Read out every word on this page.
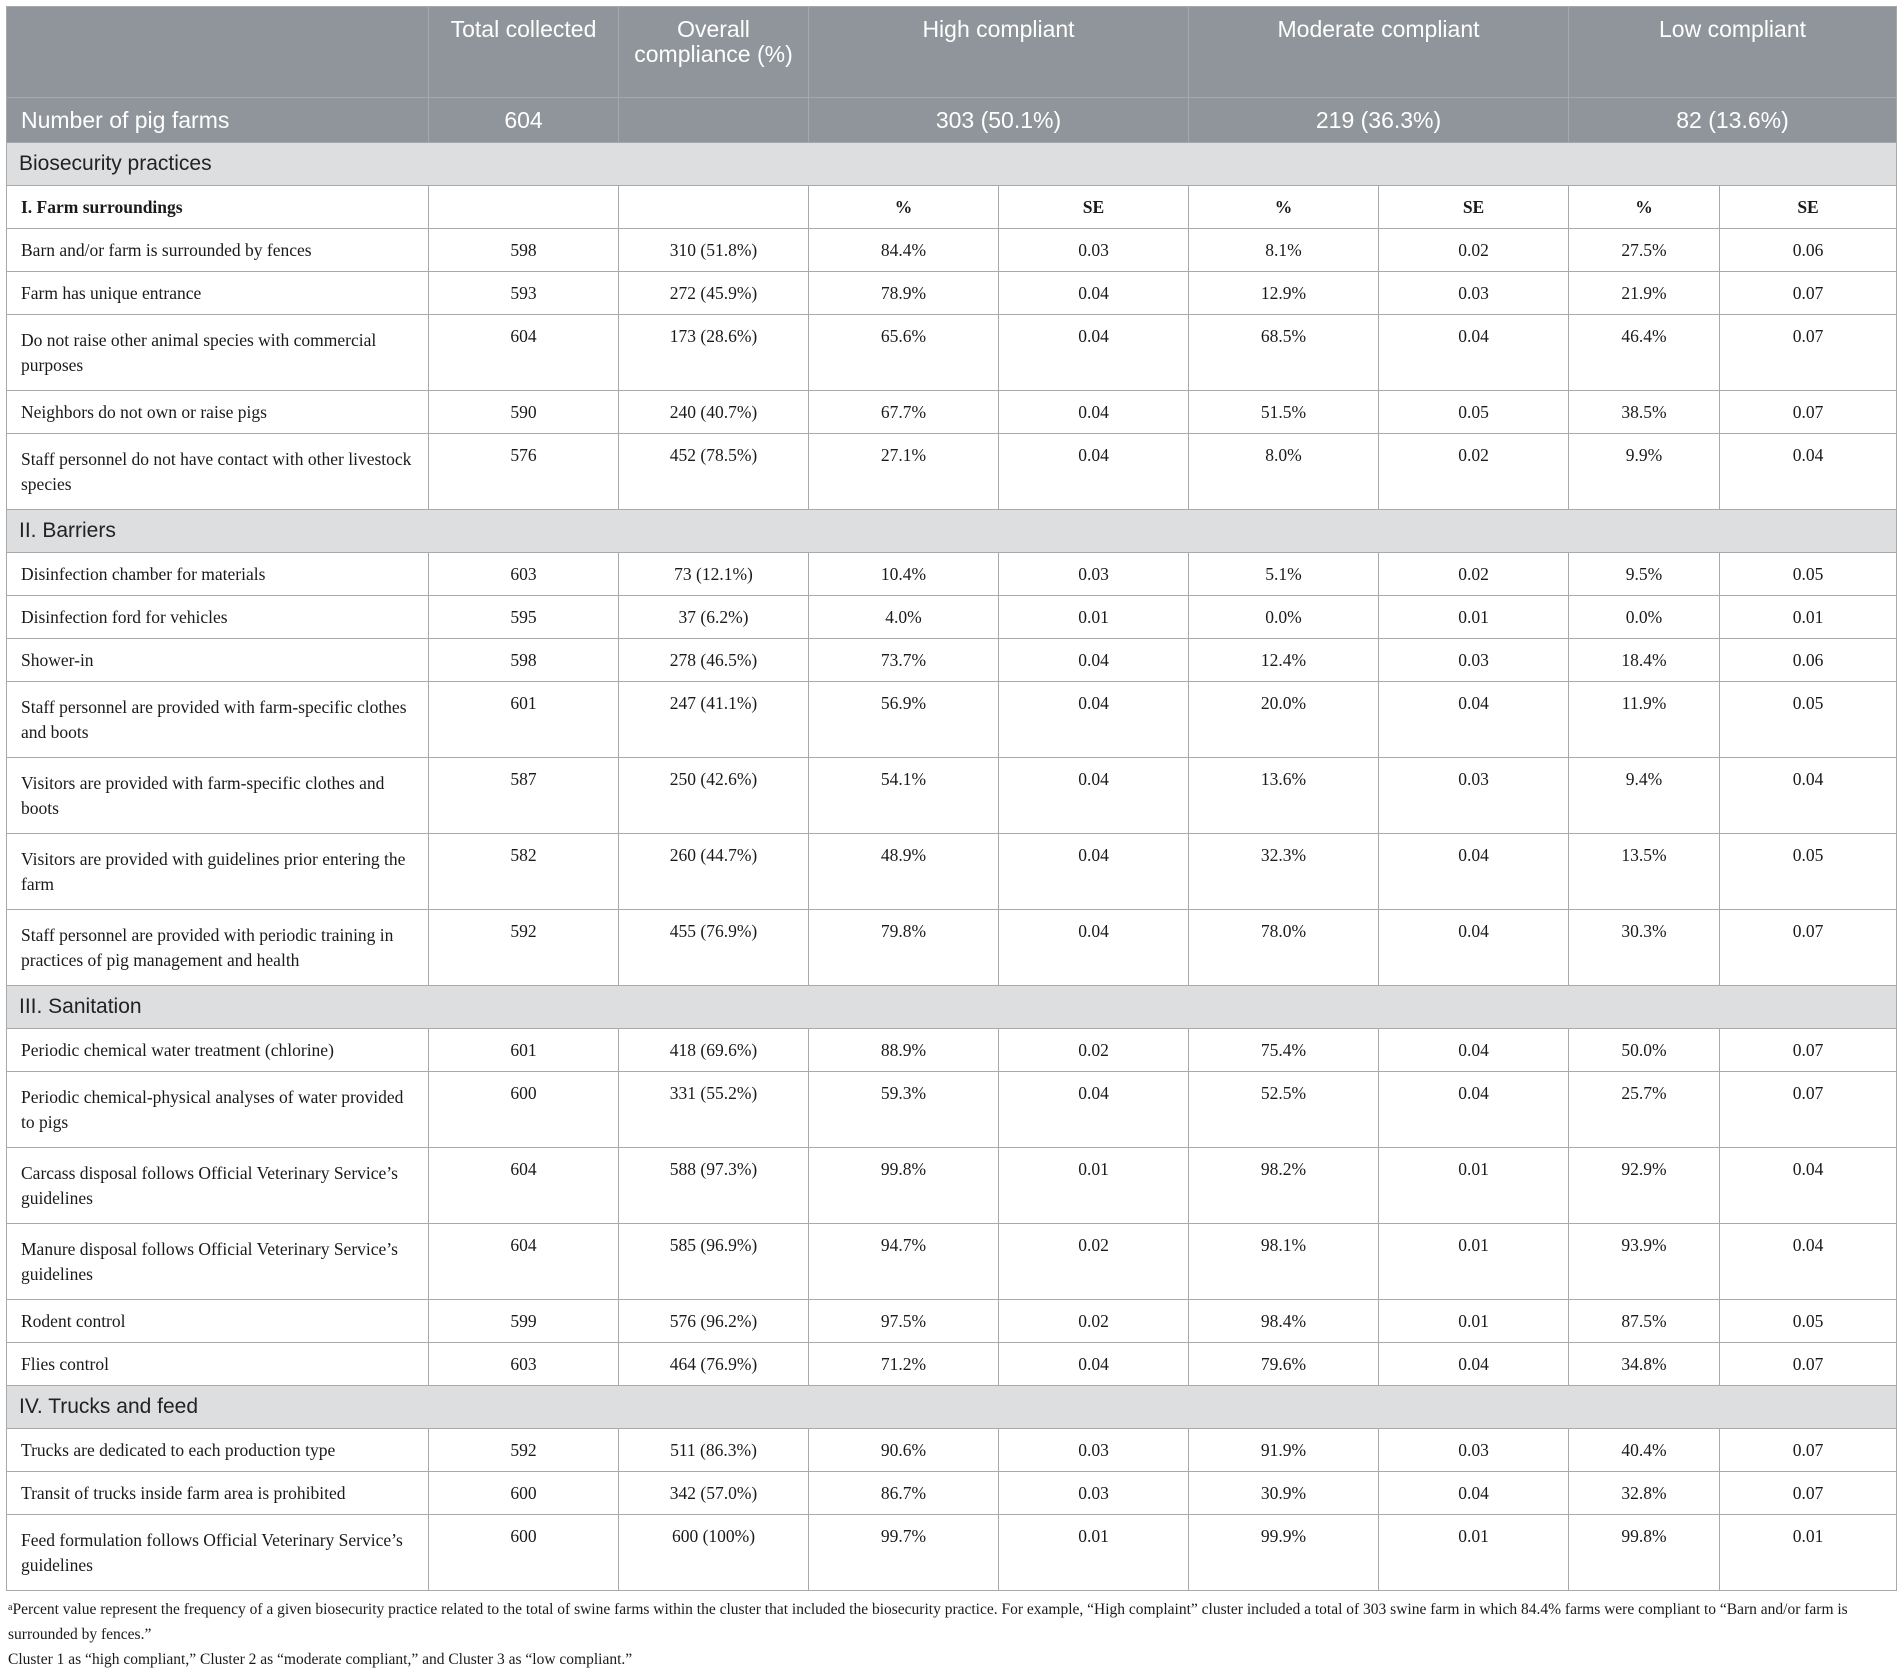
	Total collected	Overall compliance (%)	High compliant		Moderate compliant		Low compliant	
Number of pig farms	604		303 (50.1%)		219 (36.3%)		82 (13.6%)	
Biosecurity practices								
I. Farm surroundings			%	SE	%	SE	%	SE
Barn and/or farm is surrounded by fences	598	310 (51.8%)	84.4%	0.03	8.1%	0.02	27.5%	0.06
Farm has unique entrance	593	272 (45.9%)	78.9%	0.04	12.9%	0.03	21.9%	0.07
Do not raise other animal species with commercial purposes	604	173 (28.6%)	65.6%	0.04	68.5%	0.04	46.4%	0.07
Neighbors do not own or raise pigs	590	240 (40.7%)	67.7%	0.04	51.5%	0.05	38.5%	0.07
Staff personnel do not have contact with other livestock species	576	452 (78.5%)	27.1%	0.04	8.0%	0.02	9.9%	0.04
II. Barriers								
Disinfection chamber for materials	603	73 (12.1%)	10.4%	0.03	5.1%	0.02	9.5%	0.05
Disinfection ford for vehicles	595	37 (6.2%)	4.0%	0.01	0.0%	0.01	0.0%	0.01
Shower-in	598	278 (46.5%)	73.7%	0.04	12.4%	0.03	18.4%	0.06
Staff personnel are provided with farm-specific clothes and boots	601	247 (41.1%)	56.9%	0.04	20.0%	0.04	11.9%	0.05
Visitors are provided with farm-specific clothes and boots	587	250 (42.6%)	54.1%	0.04	13.6%	0.03	9.4%	0.04
Visitors are provided with guidelines prior entering the farm	582	260 (44.7%)	48.9%	0.04	32.3%	0.04	13.5%	0.05
Staff personnel are provided with periodic training in practices of pig management and health	592	455 (76.9%)	79.8%	0.04	78.0%	0.04	30.3%	0.07
III. Sanitation								
Periodic chemical water treatment (chlorine)	601	418 (69.6%)	88.9%	0.02	75.4%	0.04	50.0%	0.07
Periodic chemical-physical analyses of water provided to pigs	600	331 (55.2%)	59.3%	0.04	52.5%	0.04	25.7%	0.07
Carcass disposal follows Official Veterinary Service’s guidelines	604	588 (97.3%)	99.8%	0.01	98.2%	0.01	92.9%	0.04
Manure disposal follows Official Veterinary Service’s guidelines	604	585 (96.9%)	94.7%	0.02	98.1%	0.01	93.9%	0.04
Rodent control	599	576 (96.2%)	97.5%	0.02	98.4%	0.01	87.5%	0.05
Flies control	603	464 (76.9%)	71.2%	0.04	79.6%	0.04	34.8%	0.07
IV. Trucks and feed								
Trucks are dedicated to each production type	592	511 (86.3%)	90.6%	0.03	91.9%	0.03	40.4%	0.07
Transit of trucks inside farm area is prohibited	600	342 (57.0%)	86.7%	0.03	30.9%	0.04	32.8%	0.07
Feed formulation follows Official Veterinary Service’s guidelines	600	600 (100%)	99.7%	0.01	99.9%	0.01	99.8%	0.01
$^a$Percent value represent the frequency of a given biosecurity practice related to the total of swine farms within the cluster that included the biosecurity practice. For example, “High complaint” cluster included a total of 303 swine farm in which 84.4% farms were compliant to “Barn and/or farm is surrounded by fences.”
Cluster 1 as “high compliant,” Cluster 2 as “moderate compliant,” and Cluster 3 as “low compliant.”
